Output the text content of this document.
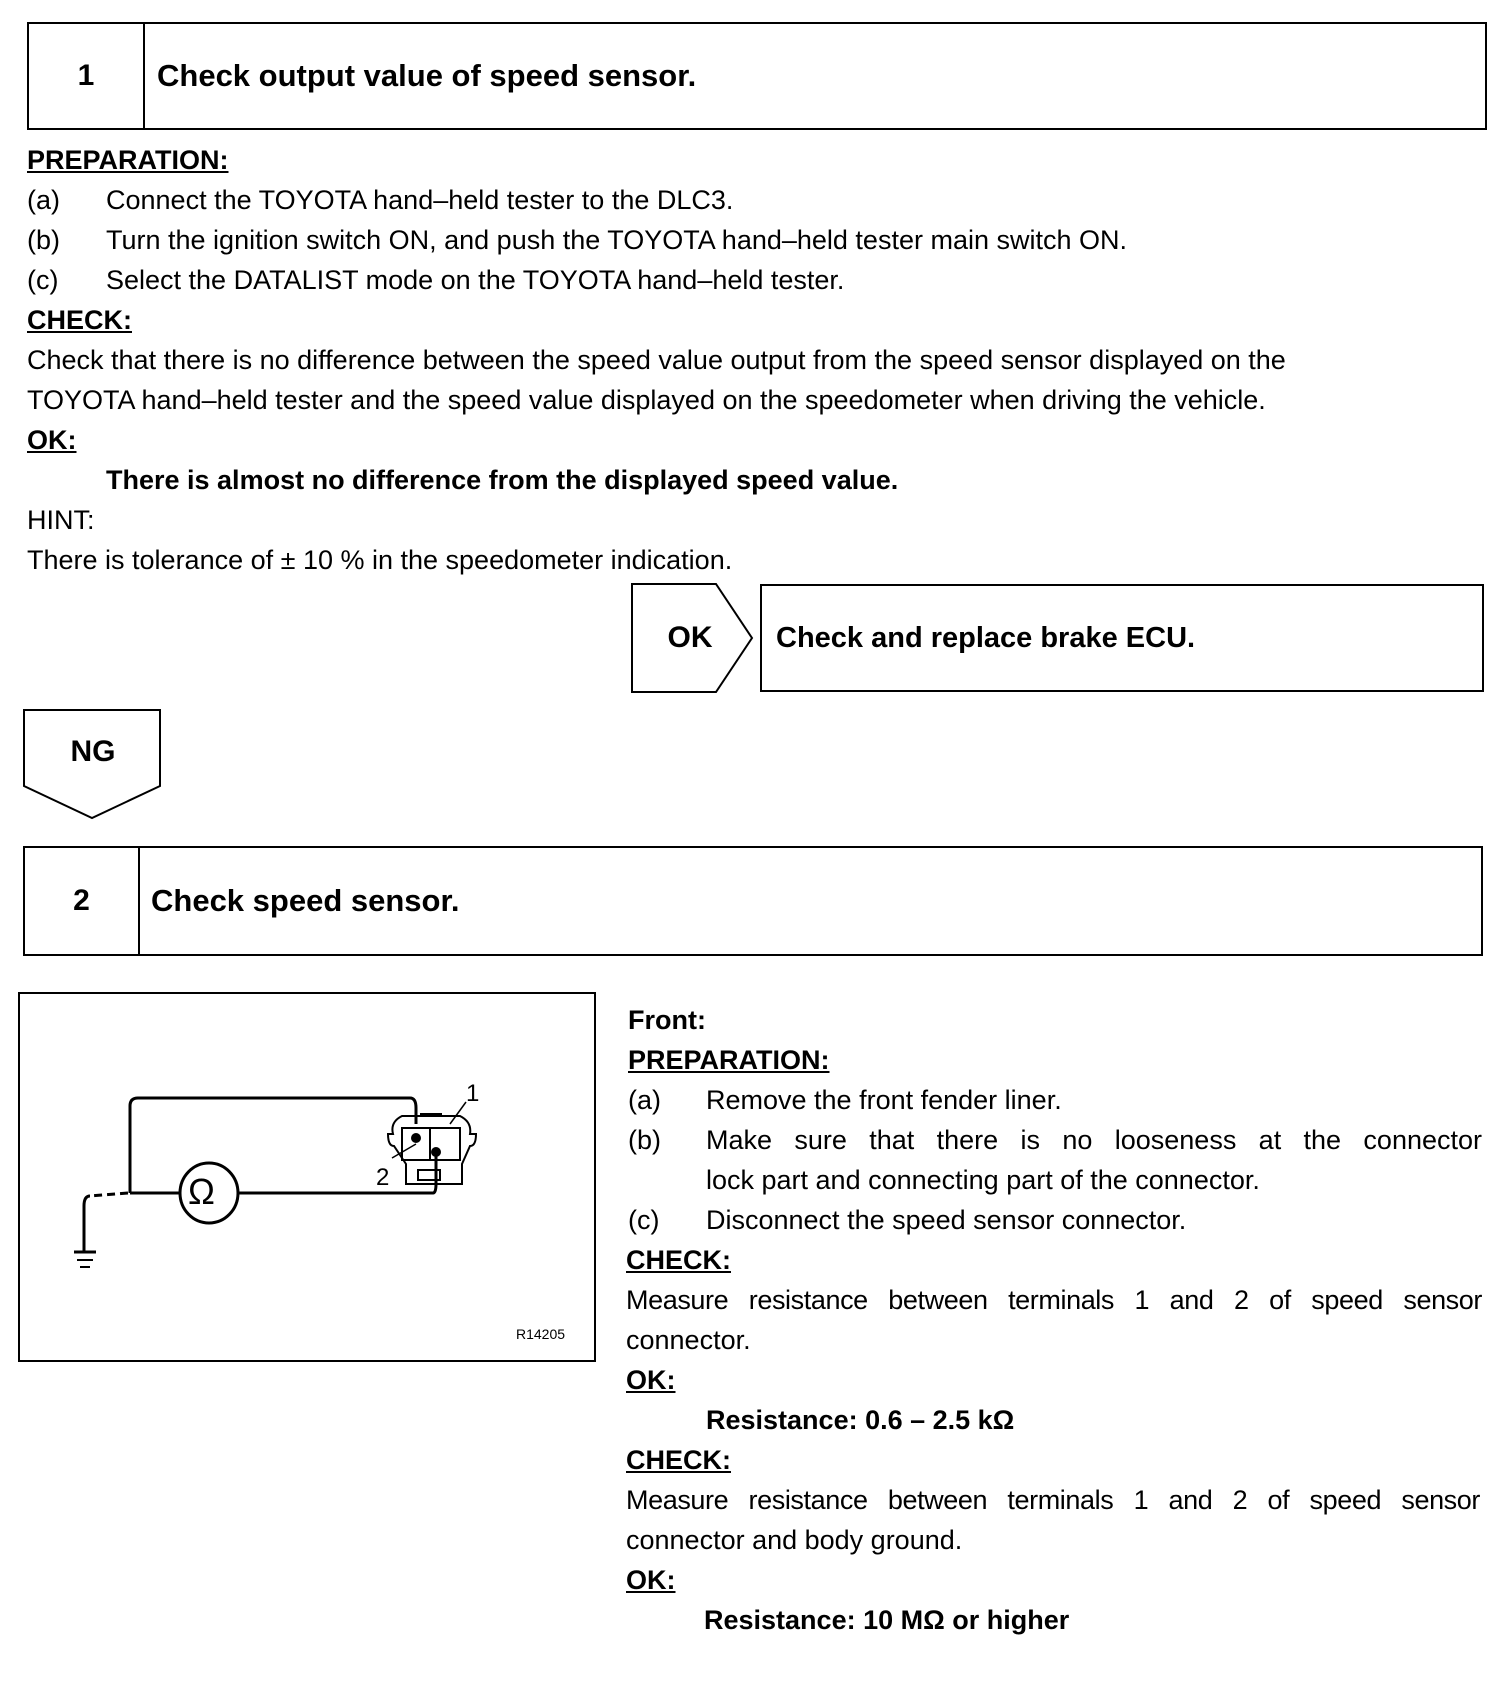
1	Check output value of speed sensor.
PREPARATION:
(a) Connect the TOYOTA hand–held tester to the DLC3.
(b) Turn the ignition switch ON, and push the TOYOTA hand–held tester main switch ON.
(c) Select the DATALIST mode on the TOYOTA hand–held tester.
CHECK:
Check that there is no difference between the speed value output from the speed sensor displayed on the
TOYOTA hand–held tester and the speed value displayed on the speedometer when driving the vehicle.
OK:
There is almost no difference from the displayed speed value.
HINT:
There is tolerance of ± 10 % in the speedometer indication.
OK	Check and replace brake ECU.
NG
2	Check speed sensor.
Ω
1
2
R14205
Front:
PREPARATION:
(a) Remove the front fender liner.
(b) Make sure that there is no looseness at the connector
lock part and connecting part of the connector.
(c) Disconnect the speed sensor connector.
CHECK:
Measure resistance between terminals 1 and 2 of speed sensor
connector.
OK:
Resistance: 0.6 – 2.5 kΩ
CHECK:
Measure resistance between terminals 1 and 2 of speed sensor
connector and body ground.
OK:
Resistance: 10 MΩ or higher
